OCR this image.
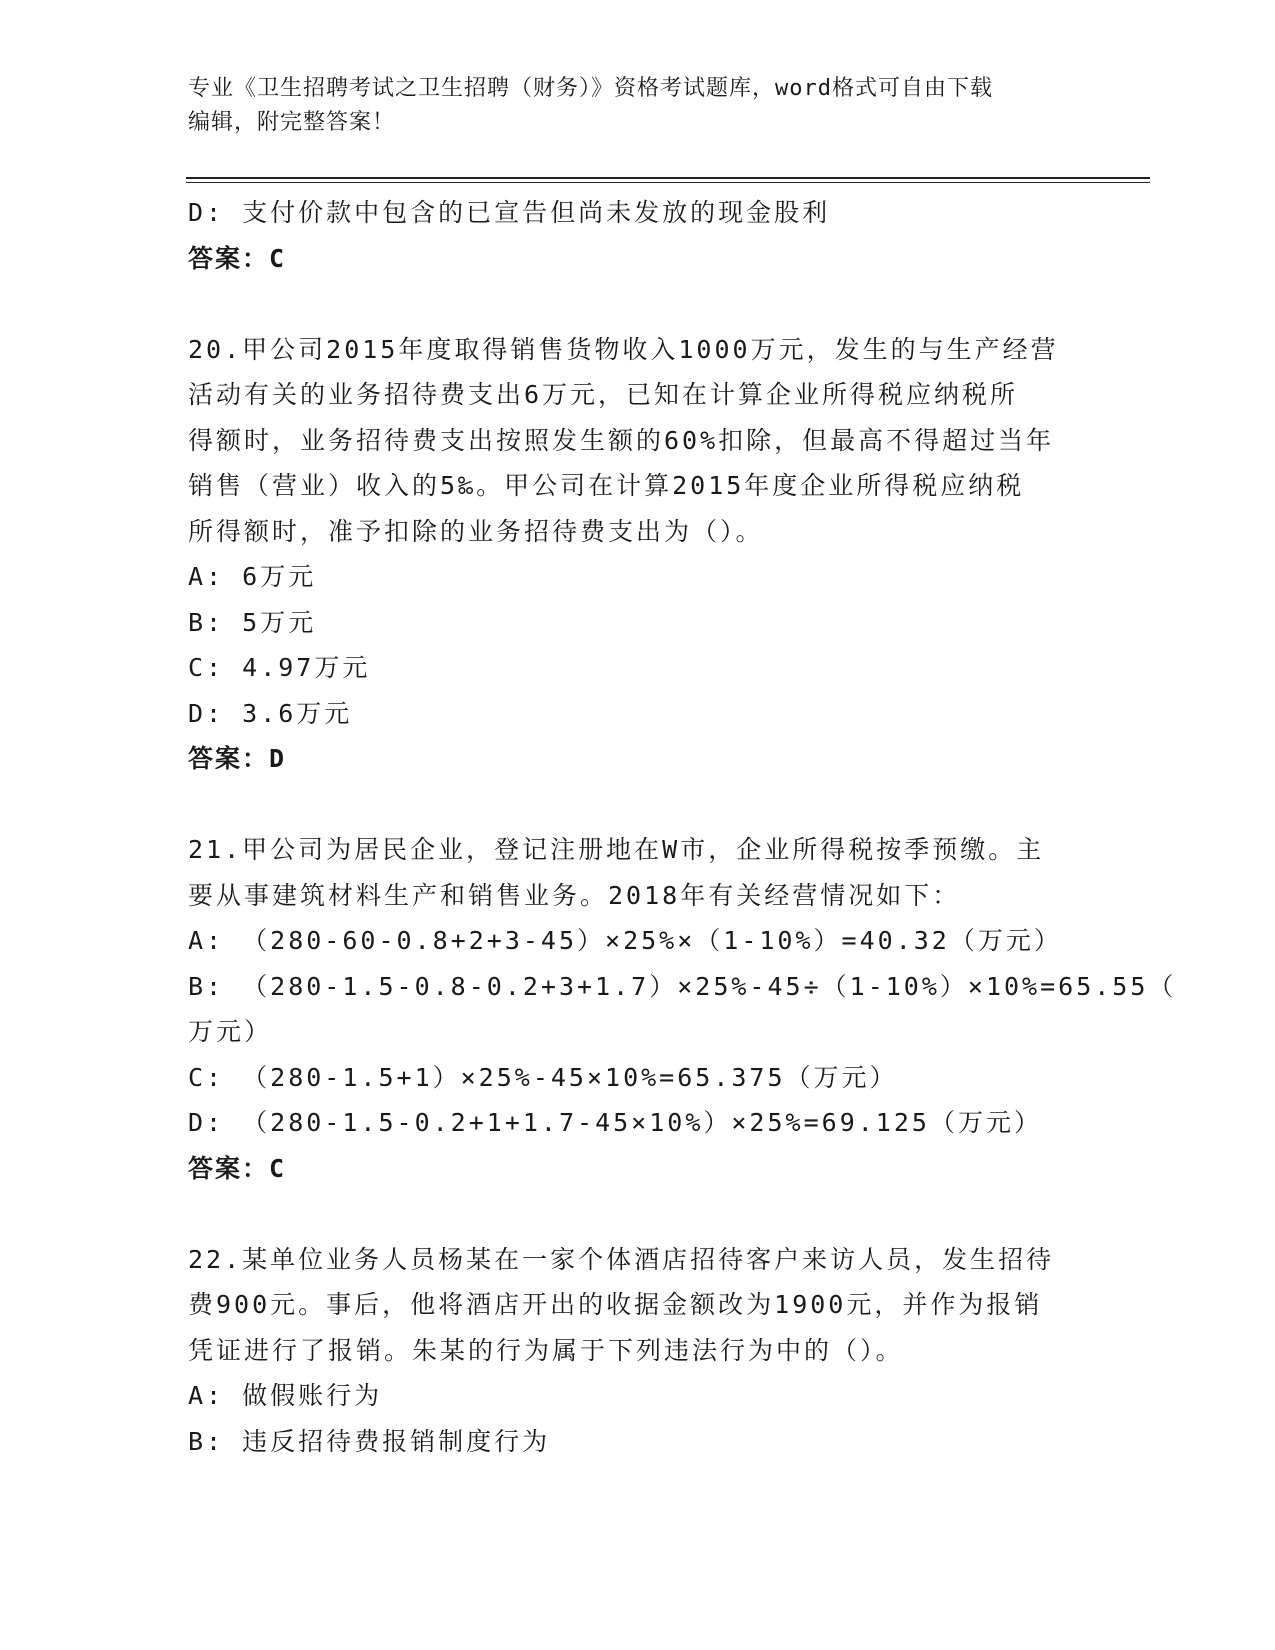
专业《卫生招聘考试之卫生招聘（财务）》资格考试题库，word格式可自由下载
编辑，附完整答案！
D: 支付价款中包含的已宣告但尚未发放的现金股利
答案：C
20.甲公司2015年度取得销售货物收入1000万元，发生的与生产经营
活动有关的业务招待费支出6万元，已知在计算企业所得税应纳税所
得额时，业务招待费支出按照发生额的60%扣除，但最高不得超过当年
销售（营业）收入的5‰。甲公司在计算2015年度企业所得税应纳税
所得额时，准予扣除的业务招待费支出为（）。
A: 6万元
B: 5万元
C: 4.97万元
D: 3.6万元
答案：D
21.甲公司为居民企业，登记注册地在W市，企业所得税按季预缴。主
要从事建筑材料生产和销售业务。2018年有关经营情况如下：
A: （280-60-0.8+2+3-45）×25%×（1-10%）=40.32（万元）
B: （280-1.5-0.8-0.2+3+1.7）×25%-45÷（1-10%）×10%=65.55（
万元）
C: （280-1.5+1）×25%-45×10%=65.375（万元）
D: （280-1.5-0.2+1+1.7-45×10%）×25%=69.125（万元）
答案：C
22.某单位业务人员杨某在一家个体酒店招待客户来访人员，发生招待
费900元。事后，他将酒店开出的收据金额改为1900元，并作为报销
凭证进行了报销。朱某的行为属于下列违法行为中的（）。
A: 做假账行为
B: 违反招待费报销制度行为
